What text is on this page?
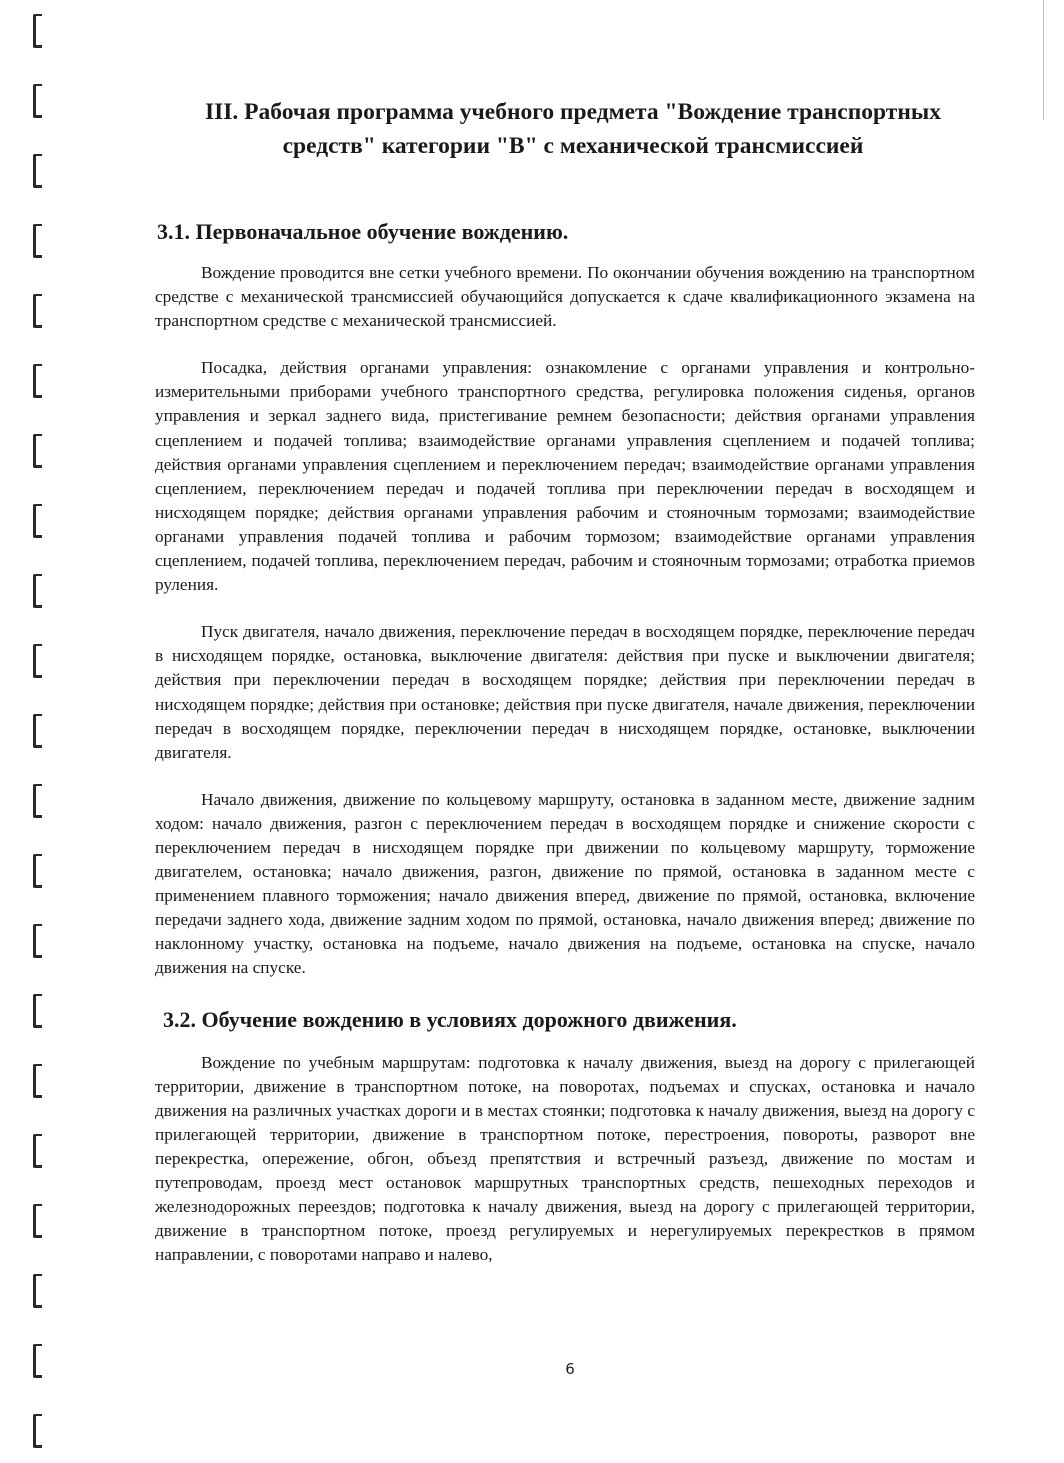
III. Рабочая программа учебного предмета "Вождение транспортных средств" категории "В" с механической трансмиссией
3.1. Первоначальное обучение вождению.

Вождение проводится вне сетки учебного времени. По окончании обучения вождению на транспортном средстве с механической трансмиссией обучающийся допускается к сдаче квалификационного экзамена на транспортном средстве с механической трансмиссией.

Посадка, действия органами управления: ознакомление с органами управления и контрольно-измерительными приборами учебного транспортного средства, регулировка положения сиденья, органов управления и зеркал заднего вида, пристегивание ремнем безопасности; действия органами управления сцеплением и подачей топлива; взаимодействие органами управления сцеплением и подачей топлива; действия органами управления сцеплением и переключением передач; взаимодействие органами управления сцеплением, переключением передач и подачей топлива при переключении передач в восходящем и нисходящем порядке; действия органами управления рабочим и стояночным тормозами; взаимодействие органами управления подачей топлива и рабочим тормозом; взаимодействие органами управления сцеплением, подачей топлива, переключением передач, рабочим и стояночным тормозами; отработка приемов руления.

Пуск двигателя, начало движения, переключение передач в восходящем порядке, переключение передач в нисходящем порядке, остановка, выключение двигателя: действия при пуске и выключении двигателя; действия при переключении передач в восходящем порядке; действия при переключении передач в нисходящем порядке; действия при остановке; действия при пуске двигателя, начале движения, переключении передач в восходящем порядке, переключении передач в нисходящем порядке, остановке, выключении двигателя.

Начало движения, движение по кольцевому маршруту, остановка в заданном месте, движение задним ходом: начало движения, разгон с переключением передач в восходящем порядке и снижение скорости с переключением передач в нисходящем порядке при движении по кольцевому маршруту, торможение двигателем, остановка; начало движения, разгон, движение по прямой, остановка в заданном месте с применением плавного торможения; начало движения вперед, движение по прямой, остановка, включение передачи заднего хода, движение задним ходом по прямой, остановка, начало движения вперед; движение по наклонному участку, остановка на подъеме, начало движения на подъеме, остановка на спуске, начало движения на спуске.

3.2. Обучение вождению в условиях дорожного движения.

Вождение по учебным маршрутам: подготовка к началу движения, выезд на дорогу с прилегающей территории, движение в транспортном потоке, на поворотах, подъемах и спусках, остановка и начало движения на различных участках дороги и в местах стоянки; подготовка к началу движения, выезд на дорогу с прилегающей территории, движение в транспортном потоке, перестроения, повороты, разворот вне перекрестка, опережение, обгон, объезд препятствия и встречный разъезд, движение по мостам и путепроводам, проезд мест остановок маршрутных транспортных средств, пешеходных переходов и железнодорожных переездов; подготовка к началу движения, выезд на дорогу с прилегающей территории, движение в транспортном потоке, проезд регулируемых и нерегулируемых перекрестков в прямом направлении, с поворотами направо и налево,

6
